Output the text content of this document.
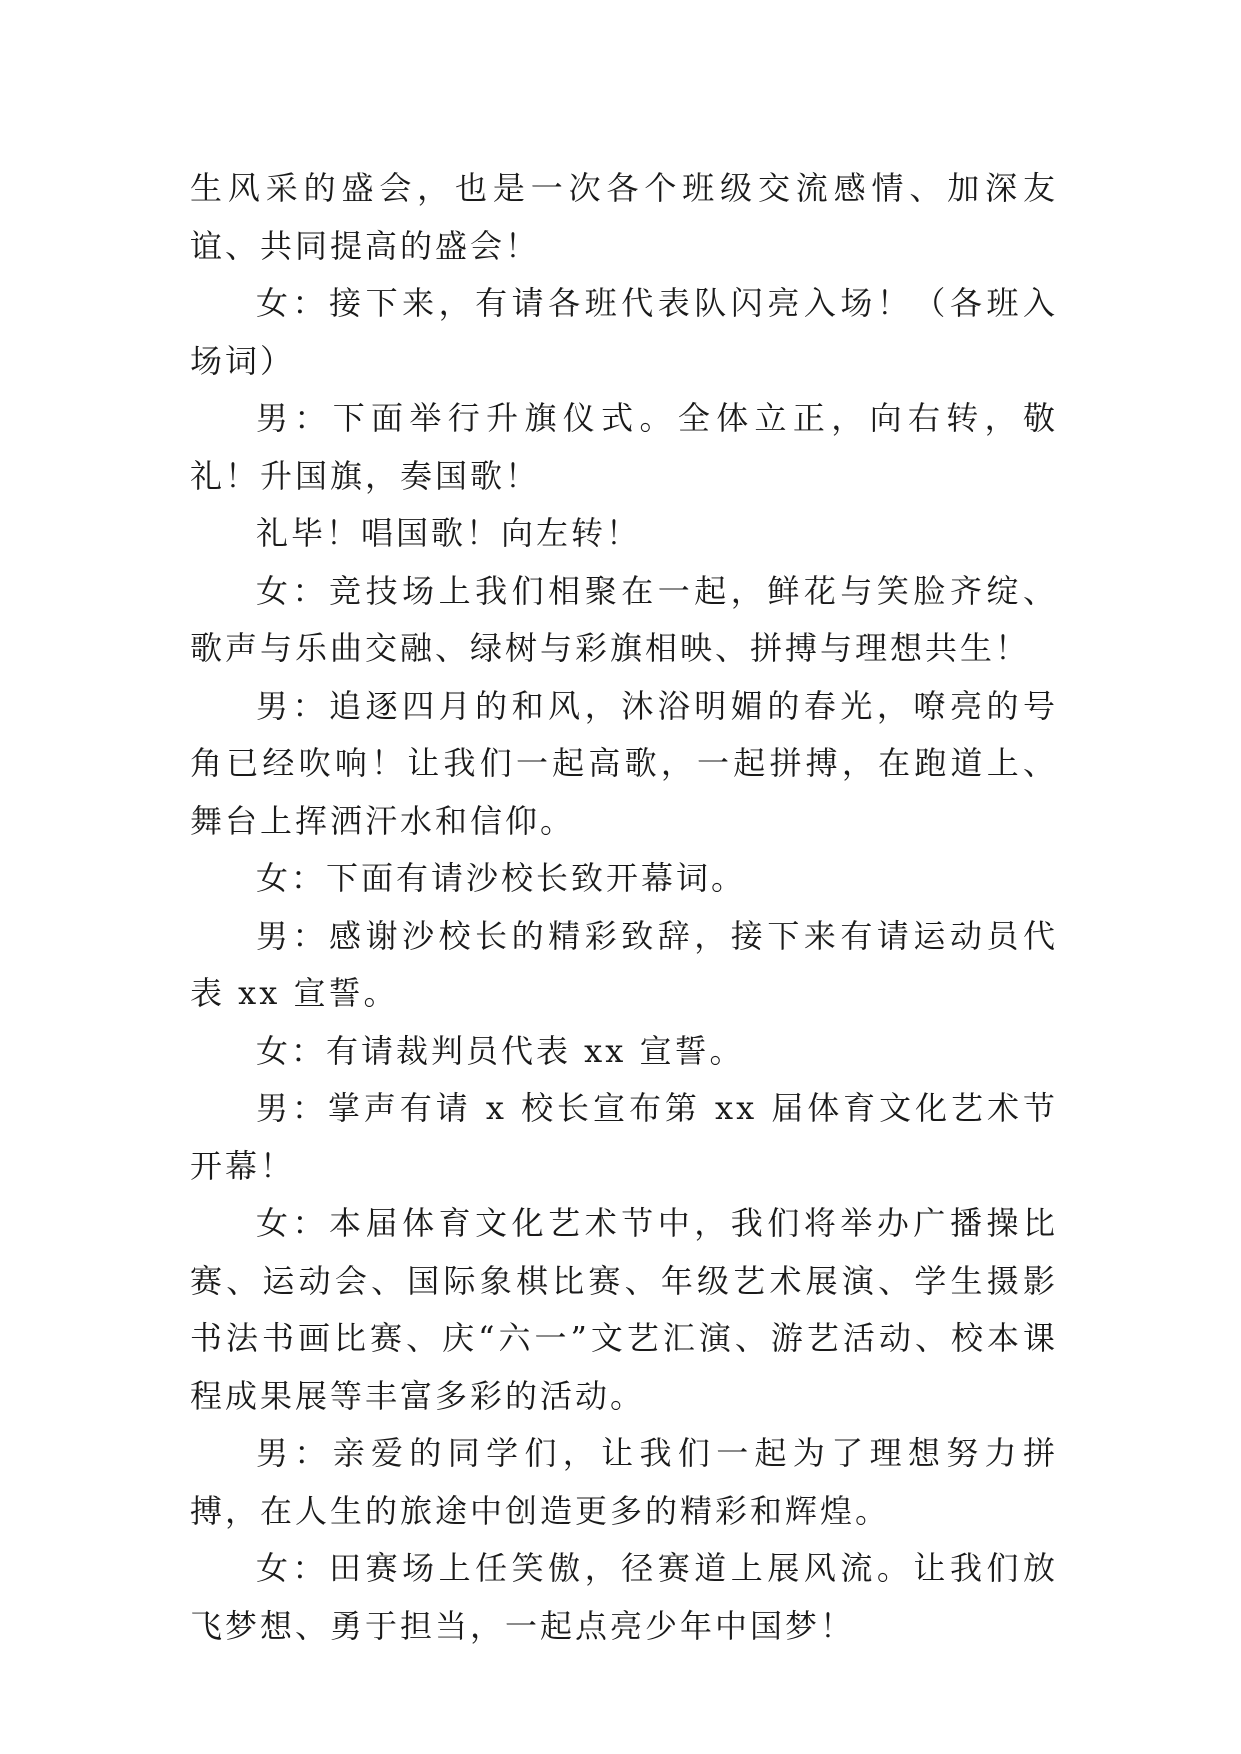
生风采的盛会，也是一次各个班级交流感情、加深友谊、共同提高的盛会！

女：接下来，有请各班代表队闪亮入场！（各班入场词）

男：下面举行升旗仪式。全体立正，向右转，敬礼！升国旗，奏国歌！

礼毕！唱国歌！向左转！

女：竞技场上我们相聚在一起，鲜花与笑脸齐绽、歌声与乐曲交融、绿树与彩旗相映、拼搏与理想共生！

男：追逐四月的和风，沐浴明媚的春光，嘹亮的号角已经吹响！让我们一起高歌，一起拼搏，在跑道上、舞台上挥洒汗水和信仰。

女：下面有请沙校长致开幕词。

男：感谢沙校长的精彩致辞，接下来有请运动员代表 xx 宣誓。

女：有请裁判员代表 xx 宣誓。

男：掌声有请 x 校长宣布第 xx 届体育文化艺术节开幕！

女：本届体育文化艺术节中，我们将举办广播操比赛、运动会、国际象棋比赛、年级艺术展演、学生摄影书法书画比赛、庆“六一”文艺汇演、游艺活动、校本课程成果展等丰富多彩的活动。

男：亲爱的同学们，让我们一起为了理想努力拼搏，在人生的旅途中创造更多的精彩和辉煌。

女：田赛场上任笑傲，径赛道上展风流。让我们放飞梦想、勇于担当，一起点亮少年中国梦！
